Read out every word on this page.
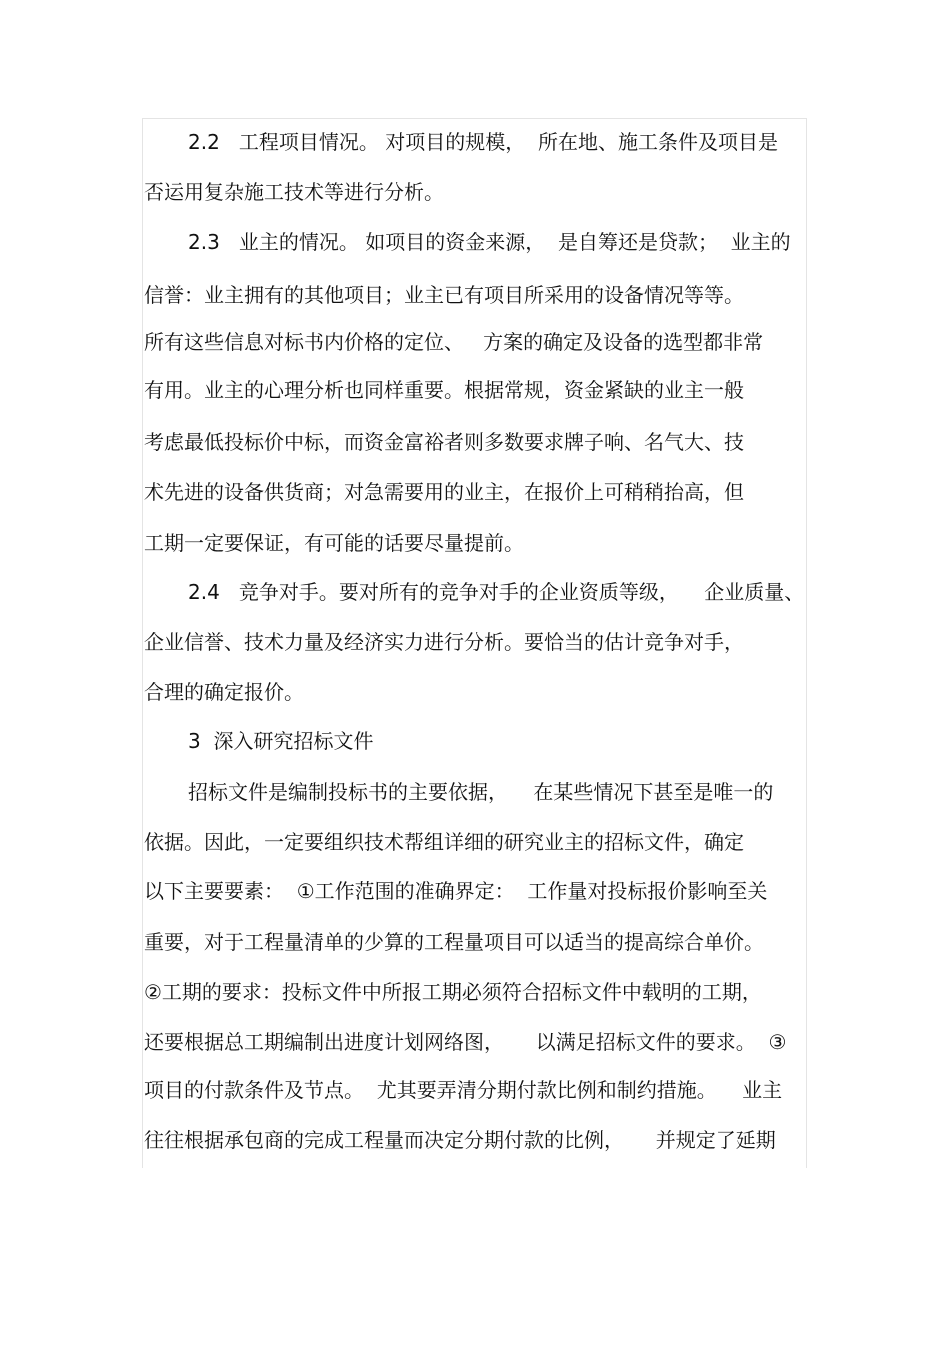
2.2   工程项目情况。 对项目的规模，  所在地、施工条件及项目是
否运用复杂施工技术等进行分析。
2.3   业主的情况。 如项目的资金来源，  是自筹还是贷款；  业主的
信誉：业主拥有的其他项目；业主已有项目所采用的设备情况等等。
所有这些信息对标书内价格的定位、   方案的确定及设备的选型都非常
有用。业主的心理分析也同样重要。根据常规，资金紧缺的业主一般
考虑最低投标价中标，而资金富裕者则多数要求牌子响、名气大、技
术先进的设备供货商；对急需要用的业主，在报价上可稍稍抬高，但
工期一定要保证，有可能的话要尽量提前。
2.4   竞争对手。要对所有的竞争对手的企业资质等级，    企业质量、
企业信誉、技术力量及经济实力进行分析。要恰当的估计竞争对手，
合理的确定报价。
3  深入研究招标文件
招标文件是编制投标书的主要依据，    在某些情况下甚至是唯一的
依据。因此，一定要组织技术帮组详细的研究业主的招标文件，确定
以下主要要素：  ①工作范围的准确界定：  工作量对投标报价影响至关
重要，对于工程量清单的少算的工程量项目可以适当的提高综合单价。
②工期的要求：投标文件中所报工期必须符合招标文件中载明的工期，
还要根据总工期编制出进度计划网络图，     以满足招标文件的要求。  ③
项目的付款条件及节点。  尤其要弄清分期付款比例和制约措施。    业主
往往根据承包商的完成工程量而决定分期付款的比例，     并规定了延期
